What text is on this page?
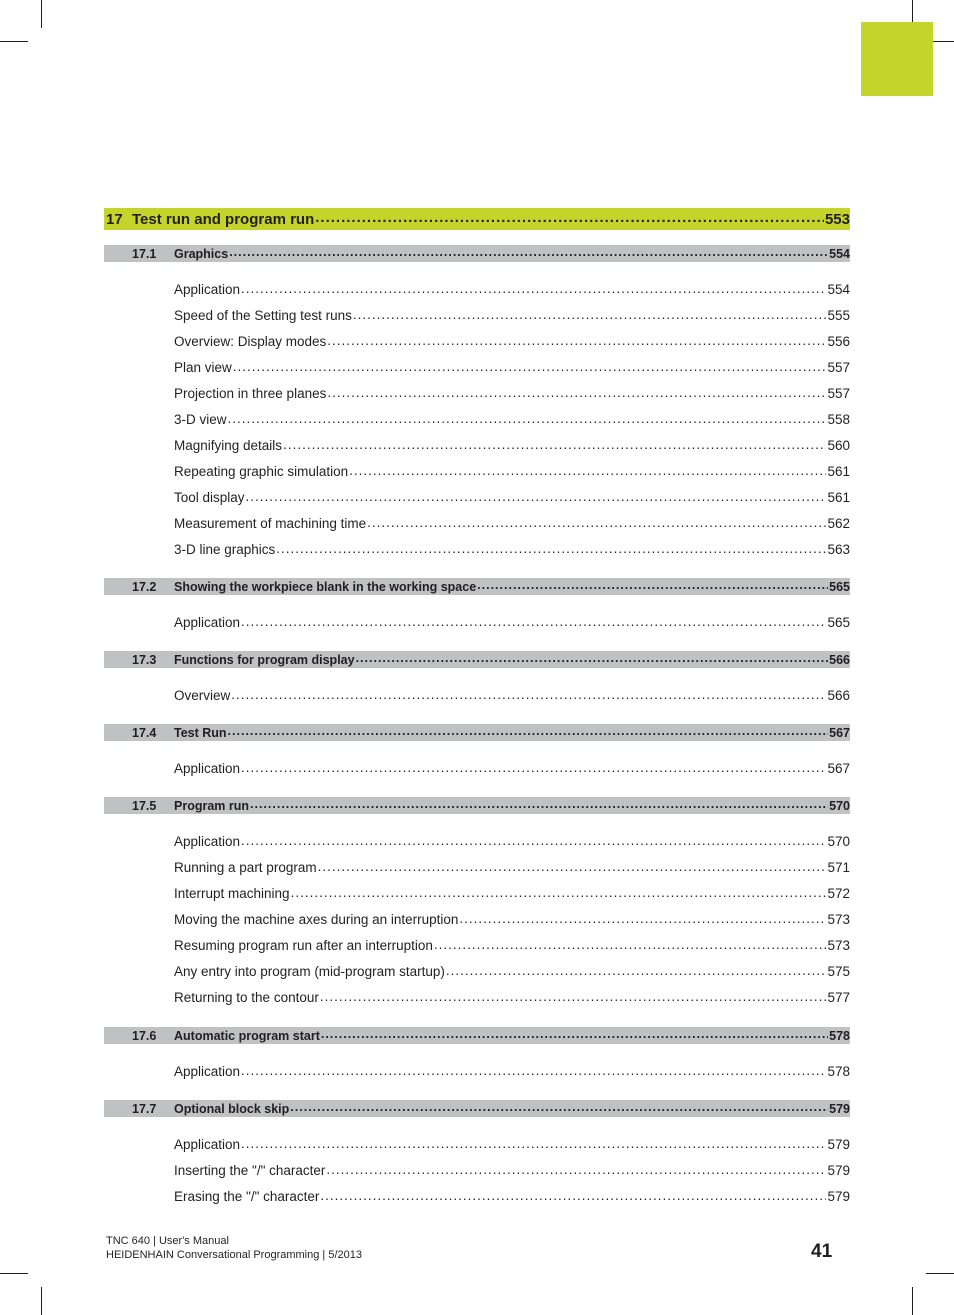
17 Test run and program run .....	553
17.1	Graphics .....	554
Application .....	554
Speed of the Setting test runs .....	555
Overview: Display modes .....	556
Plan view .....	557
Projection in three planes .....	557
3-D view .....	558
Magnifying details .....	560
Repeating graphic simulation .....	561
Tool display .....	561
Measurement of machining time .....	562
3-D line graphics .....	563
17.2	Showing the workpiece blank in the working space .....	565
Application .....	565
17.3	Functions for program display .....	566
Overview .....	566
17.4	Test Run .....	567
Application .....	567
17.5	Program run .....	570
Application .....	570
Running a part program .....	571
Interrupt machining .....	572
Moving the machine axes during an interruption .....	573
Resuming program run after an interruption .....	573
Any entry into program (mid-program startup) .....	575
Returning to the contour .....	577
17.6	Automatic program start .....	578
Application .....	578
17.7	Optional block skip .....	579
Application .....	579
Inserting the "/" character .....	579
Erasing the "/" character .....	579
TNC 640 | User's Manual
HEIDENHAIN Conversational Programming | 5/2013	41
